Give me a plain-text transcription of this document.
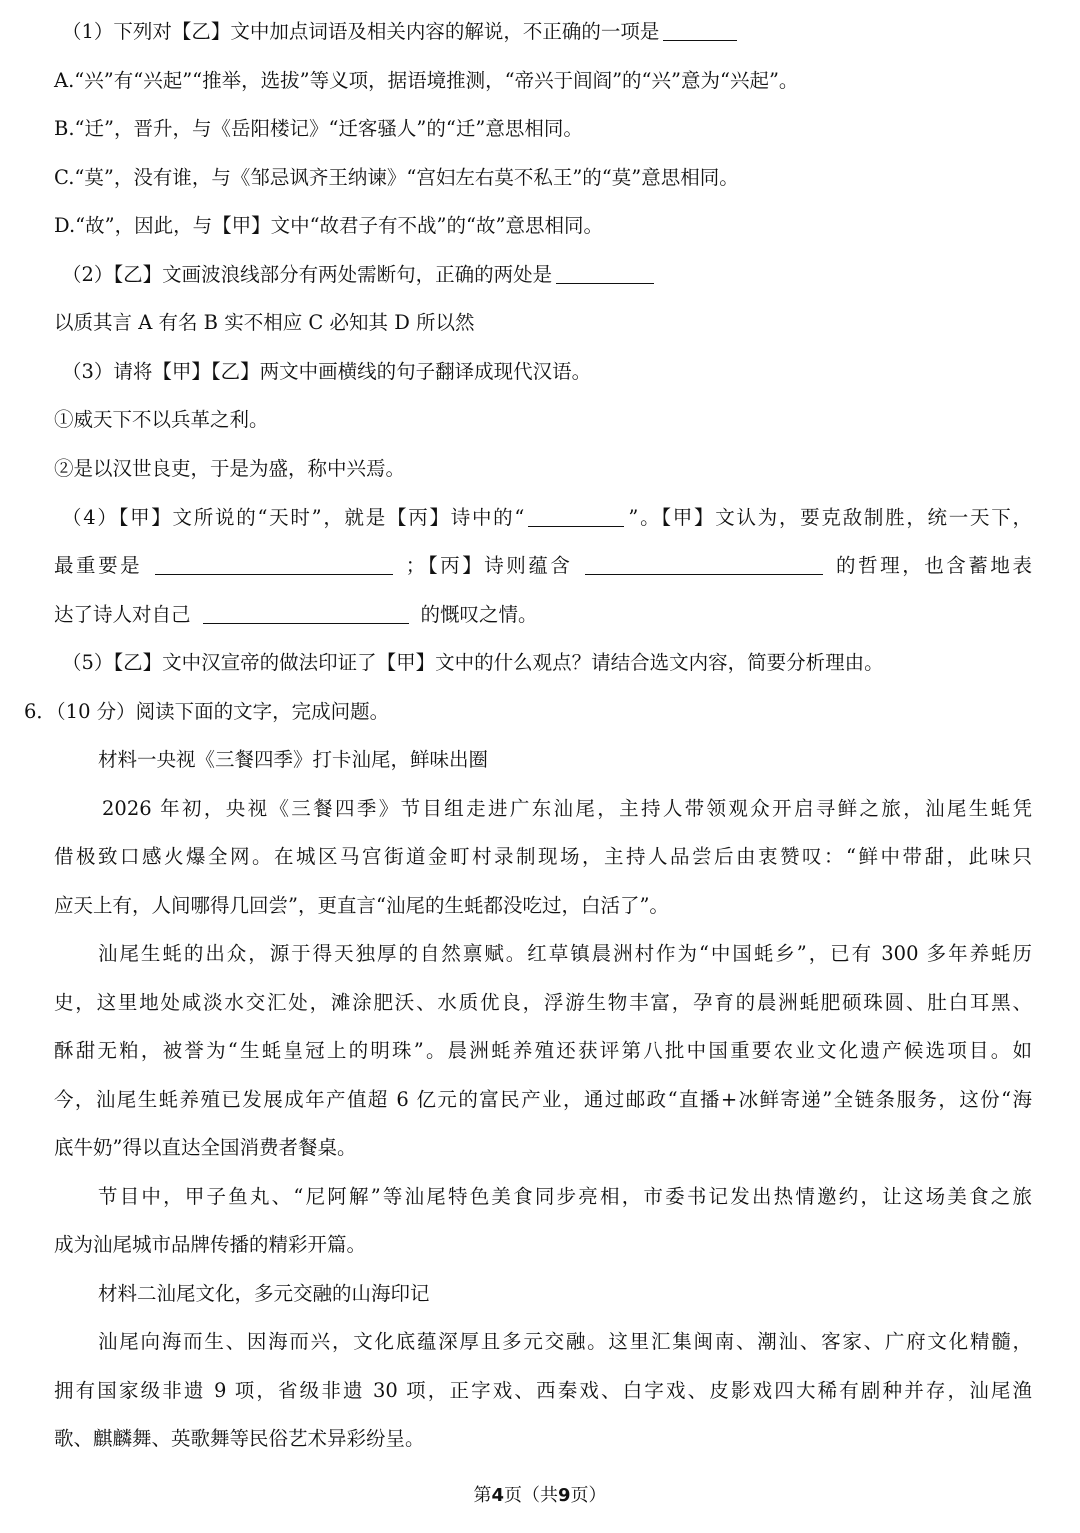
（1）下列对【乙】文中加点词语及相关内容的解说，不正确的一项是
A.“兴”有“兴起”“推举，选拔”等义项，据语境推测，“帝兴于闾阎”的“兴”意为“兴起”。
B.“迁”，晋升，与《岳阳楼记》“迁客骚人”的“迁”意思相同。
C.“莫”，没有谁，与《邹忌讽齐王纳谏》“宫妇左右莫不私王”的“莫”意思相同。
D.“故”，因此，与【甲】文中“故君子有不战”的“故”意思相同。
（2）【乙】文画波浪线部分有两处需断句，正确的两处是
以质其言 A 有名 B 实不相应 C 必知其 D 所以然
（3）请将【甲】【乙】两文中画横线的句子翻译成现代汉语。
①威天下不以兵革之利。
②是以汉世良吏，于是为盛，称中兴焉。
（4）【甲】文所说的“天时”，就是【丙】诗中的“	”。【甲】文认为，要克敌制胜，统一天下，
最重要是	；【丙】诗则蕴含	的哲理，也含蓄地表
达了诗人对自己	的慨叹之情。
（5）【乙】文中汉宣帝的做法印证了【甲】文中的什么观点？请结合选文内容，简要分析理由。
6．（10 分）阅读下面的文字，完成问题。
材料一央视《三餐四季》打卡汕尾，鲜味出圈
2026 年初，央视《三餐四季》节目组走进广东汕尾，主持人带领观众开启寻鲜之旅，汕尾生蚝凭
借极致口感火爆全网。在城区马宫街道金町村录制现场，主持人品尝后由衷赞叹：“鲜中带甜，此味只
应天上有，人间哪得几回尝”，更直言“汕尾的生蚝都没吃过，白活了”。
汕尾生蚝的出众，源于得天独厚的自然禀赋。红草镇晨洲村作为“中国蚝乡”，已有 300 多年养蚝历
史，这里地处咸淡水交汇处，滩涂肥沃、水质优良，浮游生物丰富，孕育的晨洲蚝肥硕珠圆、肚白耳黑、
酥甜无粕，被誉为“生蚝皇冠上的明珠”。晨洲蚝养殖还获评第八批中国重要农业文化遗产候选项目。如
今，汕尾生蚝养殖已发展成年产值超 6 亿元的富民产业，通过邮政“直播+冰鲜寄递”全链条服务，这份“海
底牛奶”得以直达全国消费者餐桌。
节目中，甲子鱼丸、“尼阿解”等汕尾特色美食同步亮相，市委书记发出热情邀约，让这场美食之旅
成为汕尾城市品牌传播的精彩开篇。
材料二汕尾文化，多元交融的山海印记
汕尾向海而生、因海而兴，文化底蕴深厚且多元交融。这里汇集闽南、潮汕、客家、广府文化精髓，
拥有国家级非遗 9 项，省级非遗 30 项，正字戏、西秦戏、白字戏、皮影戏四大稀有剧种并存，汕尾渔
歌、麒麟舞、英歌舞等民俗艺术异彩纷呈。
第4页（共9页）
